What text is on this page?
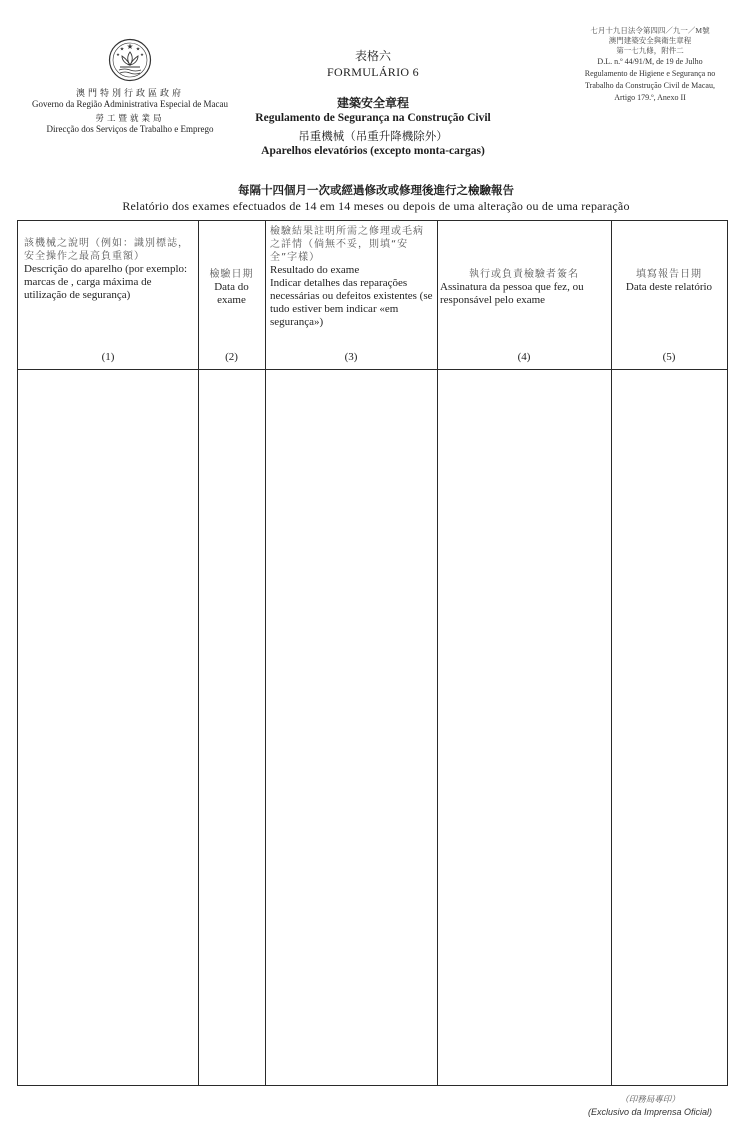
澳門特別行政區政府
Governo da Região Administrativa Especial de Macau
勞工暨就業局
Direcção dos Serviços de Trabalho e Emprego
表格六
FORMULÁRIO 6
建築安全章程
Regulamento de Segurança na Construção Civil
吊重機械（吊重升降機除外）
Aparelhos elevatórios (excepto monta-cargas)
七月十九日法令第四四／九一／M號
澳門建築安全與衛生章程
第一七九條，附件二
D.L. n.º 44/91/M, de 19 de Julho
Regulamento de Higiene e Segurança no
Trabalho da Construção Civil de Macau,
Artigo 179.º, Anexo II
每隔十四個月一次或經過修改或修理後進行之檢驗報告
Relatório dos exames efectuados de 14 em 14 meses ou depois de uma alteração ou de uma reparação
該機械之說明（例如：識別標誌，安全操作之最高負重額）
Descrição do aparelho (por exemplo: marcas de , carga máxima de utilização de segurança)
(1)
檢驗日期
Data do exame
(2)
檢驗結果註明所需之修理或毛病之詳情（倘無不妥，則填“安全”字樣）
Resultado do exame
Indicar detalhes das reparações necessárias ou defeitos existentes (se tudo estiver bem indicar «em segurança»)
(3)
執行或負責檢驗者簽名
Assinatura da pessoa que fez, ou responsável pelo exame
(4)
填寫報告日期
Data deste relatório
(5)
（印務局專印）
(Exclusivo da Imprensa Oficial)
